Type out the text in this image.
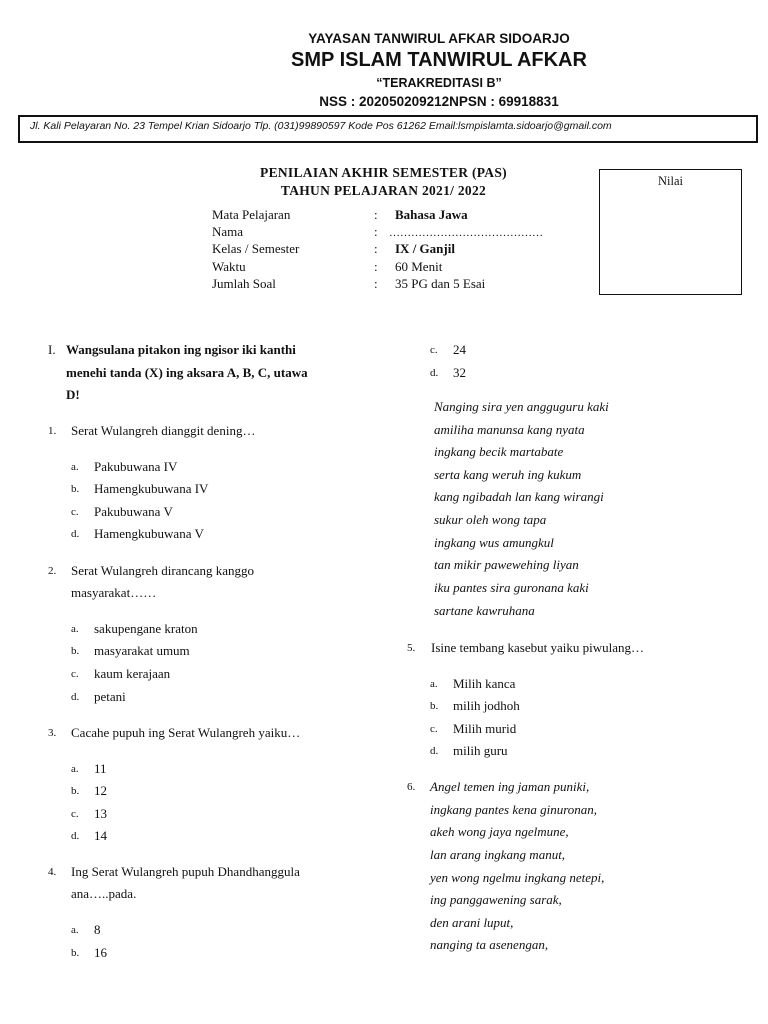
YAYASAN TANWIRUL AFKAR SIDOARJO
SMP ISLAM TANWIRUL AFKAR
“TERAKREDITASI B”
NSS : 202050209212NPSN : 69918831
Jl. Kali Pelayaran No. 23 Tempel Krian Sidoarjo Tlp. (031)99890597 Kode Pos 61262 Email:lsmpislamta.sidoarjo@gmail.com
PENILAIAN AKHIR SEMESTER (PAS)
TAHUN PELAJARAN 2021/ 2022
Nilai
Mata Pelajaran	: Bahasa Jawa
Nama	: ……………………………………
Kelas / Semester	: IX / Ganjil
Waktu	: 60 Menit
Jumlah Soal	: 35 PG dan 5 Esai
I. Wangsulana pitakon ing ngisor iki kanthi
menehi tanda (X) ing aksara A, B, C, utawa
D!
1. Serat Wulangreh dianggit dening…
a. Pakubuwana IV
b. Hamengkubuwana IV
c. Pakubuwana V
d. Hamengkubuwana V
2. Serat Wulangreh dirancang kanggo
masyarakat……
a. sakupengane kraton
b. masyarakat umum
c. kaum kerajaan
d. petani
3. Cacahe pupuh ing Serat Wulangreh yaiku…
a. 11
b. 12
c. 13
d. 14
4. Ing Serat Wulangreh pupuh Dhandhanggula
ana…..pada.
a. 8
b. 16
c. 24
d. 32
Nanging sira yen angguguru kaki
amiliha manunsa kang nyata
ingkang becik martabate
serta kang weruh ing kukum
kang ngibadah lan kang wirangi
sukur oleh wong tapa
ingkang wus amungkul
tan mikir pawewehing liyan
iku pantes sira guronana kaki
sartane kawruhana
5. Isine tembang kasebut yaiku piwulang…
a. Milih kanca
b. milih jodhoh
c. Milih murid
d. milih guru
6. Angel temen ing jaman puniki,
ingkang pantes kena ginuronan,
akeh wong jaya ngelmune,
lan arang ingkang manut,
yen wong ngelmu ingkang netepi,
ing panggawening sarak,
den arani luput,
nanging ta asenengan,
